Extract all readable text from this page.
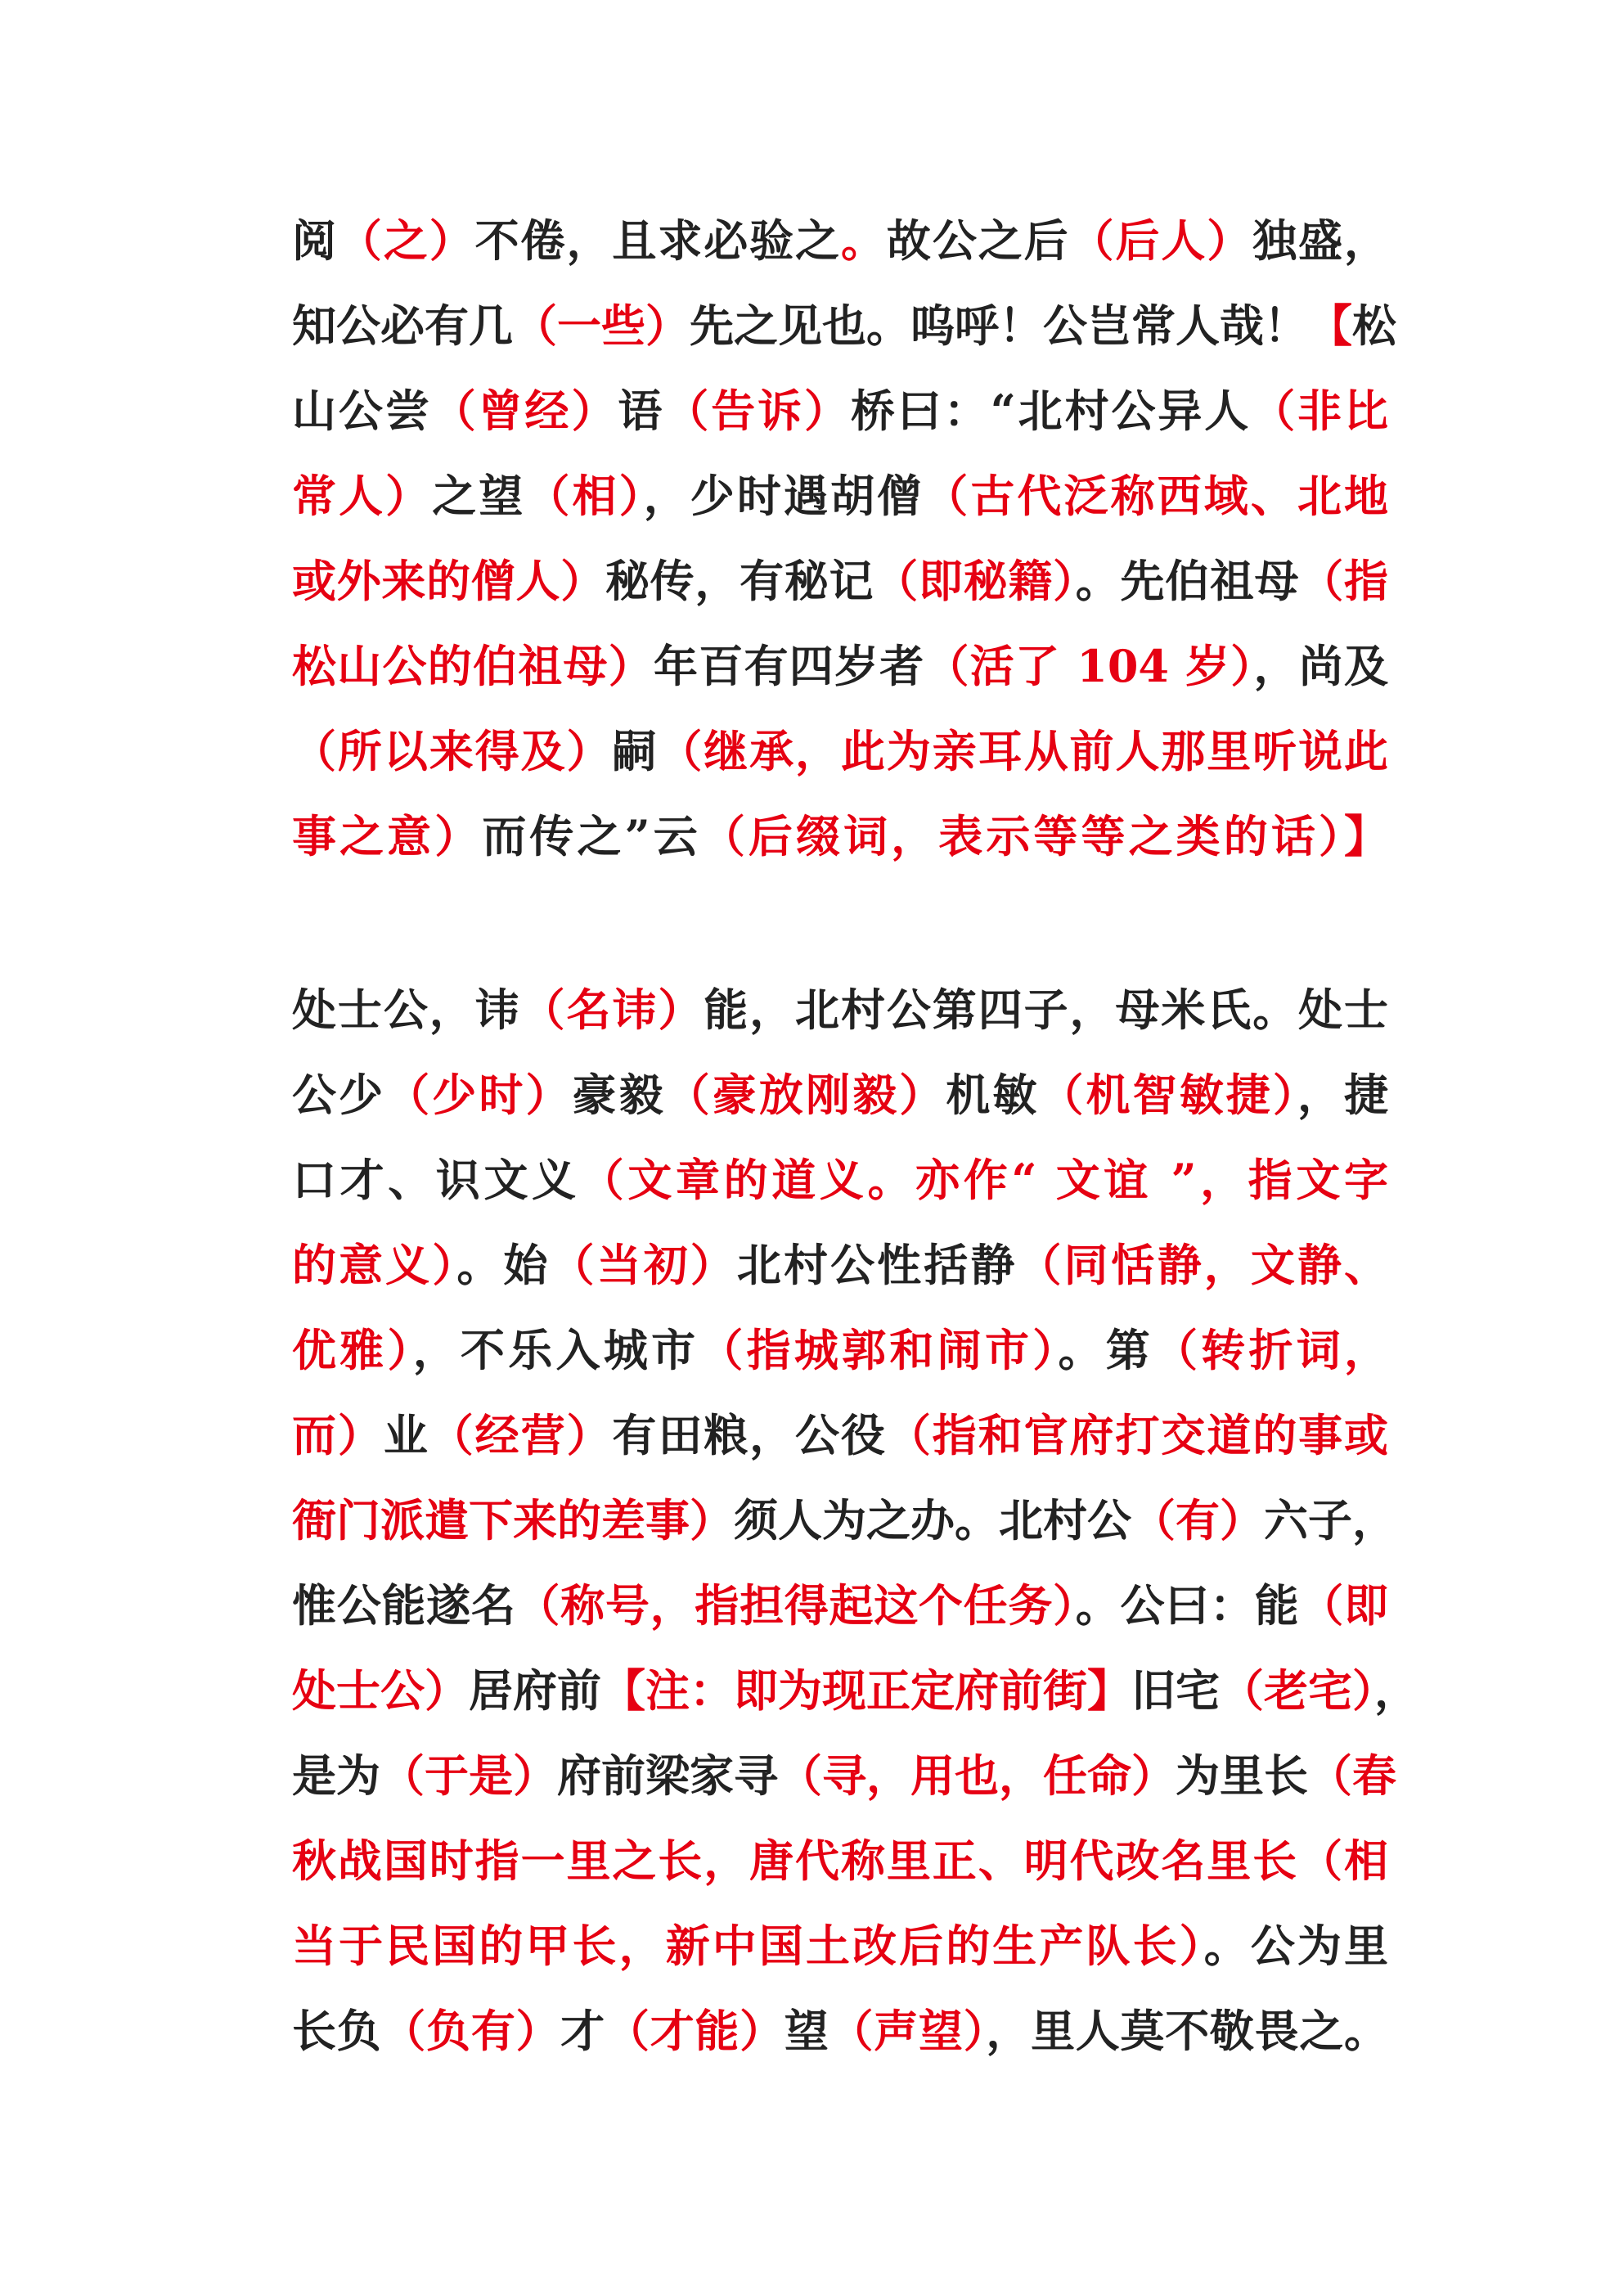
阅（之）不倦，且求必验之。故公之后（后人）独盛，
知公必有几（一些）先之见也。呜呼！公岂常人哉！【松
山公尝（曾经）语（告诉）桥曰：“北村公异人（非比
常人）之望（相），少时遇胡僧（古代泛称西域、北地
或外来的僧人）秘传，有秘记（即秘籍）。先伯祖母（指
松山公的伯祖母）年百有四岁者（活了 104 岁），尚及
（所以来得及）嗣（继承，此为亲耳从前人那里听说此
事之意）而传之”云（后缀词，表示等等之类的话）】
处士公，讳（名讳）能，北村公第四子，母米氏。处士
公少（少时）豪毅（豪放刚毅）机敏（机智敏捷），捷
口才、识文义（文章的道义。亦作“ 文谊 ”，指文字
的意义）。始（当初）北村公性括静（同恬静，文静、
优雅），不乐入城市（指城郭和闹市）。第（转折词，
而）业（经营）有田粮，公役（指和官府打交道的事或
衙门派遣下来的差事）须人为之办。北村公（有）六子，
惟公能遂名（称号，指担得起这个任务）。公曰：能（即
处士公）居府前【注：即为现正定府前街】旧宅（老宅），
是为（于是）府前梁家寻（寻，用也，任命）为里长（春
秋战国时指一里之长，唐代称里正、明代改名里长（相
当于民国的甲长，新中国土改后的生产队长）。公为里
长负（负有）才（才能）望（声望），里人莫不敬畏之。
